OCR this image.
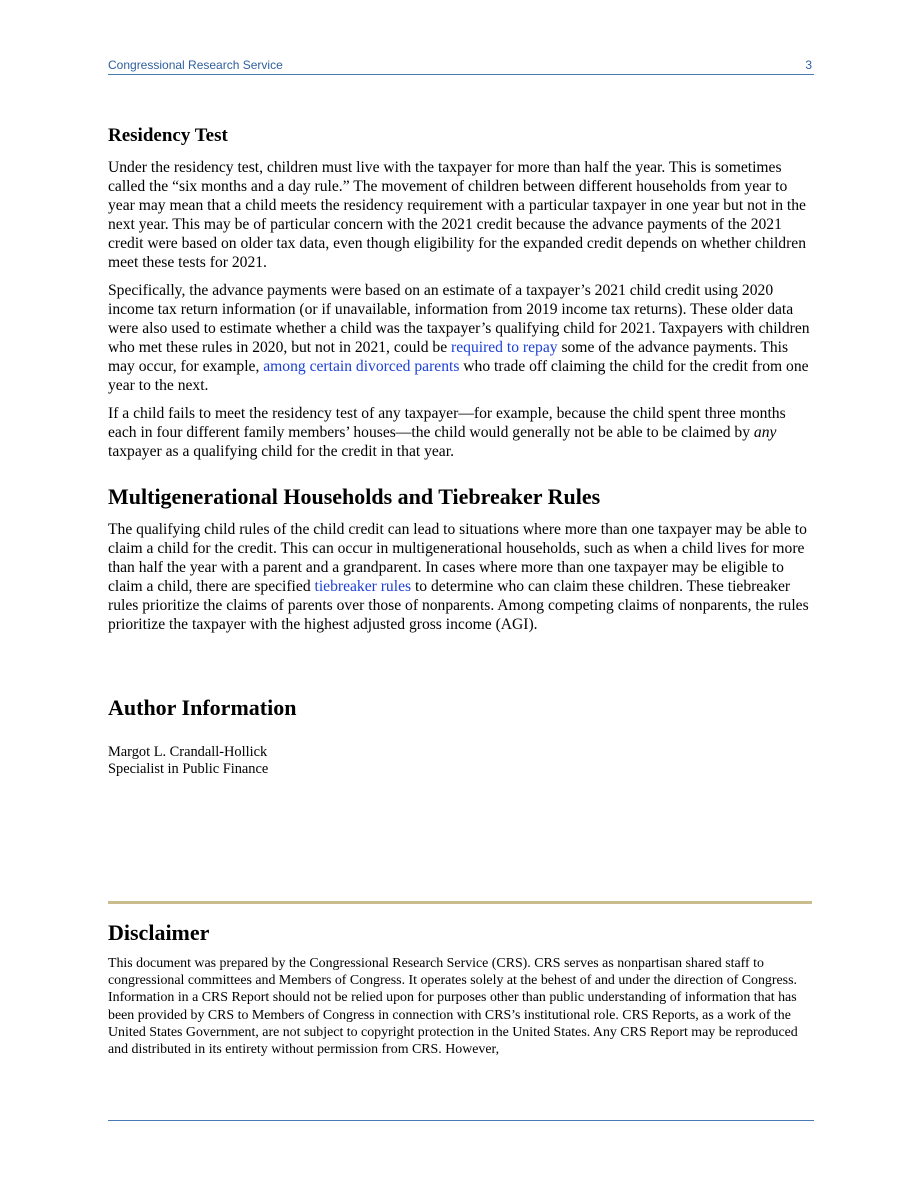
Congressional Research Service	3
Residency Test

Under the residency test, children must live with the taxpayer for more than half the year. This is sometimes called the “six months and a day rule.” The movement of children between different households from year to year may mean that a child meets the residency requirement with a particular taxpayer in one year but not in the next year. This may be of particular concern with the 2021 credit because the advance payments of the 2021 credit were based on older tax data, even though eligibility for the expanded credit depends on whether children meet these tests for 2021.

Specifically, the advance payments were based on an estimate of a taxpayer’s 2021 child credit using 2020 income tax return information (or if unavailable, information from 2019 income tax returns). These older data were also used to estimate whether a child was the taxpayer’s qualifying child for 2021. Taxpayers with children who met these rules in 2020, but not in 2021, could be required to repay some of the advance payments. This may occur, for example, among certain divorced parents who trade off claiming the child for the credit from one year to the next.

If a child fails to meet the residency test of any taxpayer—for example, because the child spent three months each in four different family members’ houses—the child would generally not be able to be claimed by any taxpayer as a qualifying child for the credit in that year.

Multigenerational Households and Tiebreaker Rules

The qualifying child rules of the child credit can lead to situations where more than one taxpayer may be able to claim a child for the credit. This can occur in multigenerational households, such as when a child lives for more than half the year with a parent and a grandparent. In cases where more than one taxpayer may be eligible to claim a child, there are specified tiebreaker rules to determine who can claim these children. These tiebreaker rules prioritize the claims of parents over those of nonparents. Among competing claims of nonparents, the rules prioritize the taxpayer with the highest adjusted gross income (AGI).

Author Information

Margot L. Crandall-Hollick

Specialist in Public Finance

Disclaimer

This document was prepared by the Congressional Research Service (CRS). CRS serves as nonpartisan shared staff to congressional committees and Members of Congress. It operates solely at the behest of and under the direction of Congress. Information in a CRS Report should not be relied upon for purposes other than public understanding of information that has been provided by CRS to Members of Congress in connection with CRS’s institutional role. CRS Reports, as a work of the United States Government, are not subject to copyright protection in the United States. Any CRS Report may be reproduced and distributed in its entirety without permission from CRS. However,
